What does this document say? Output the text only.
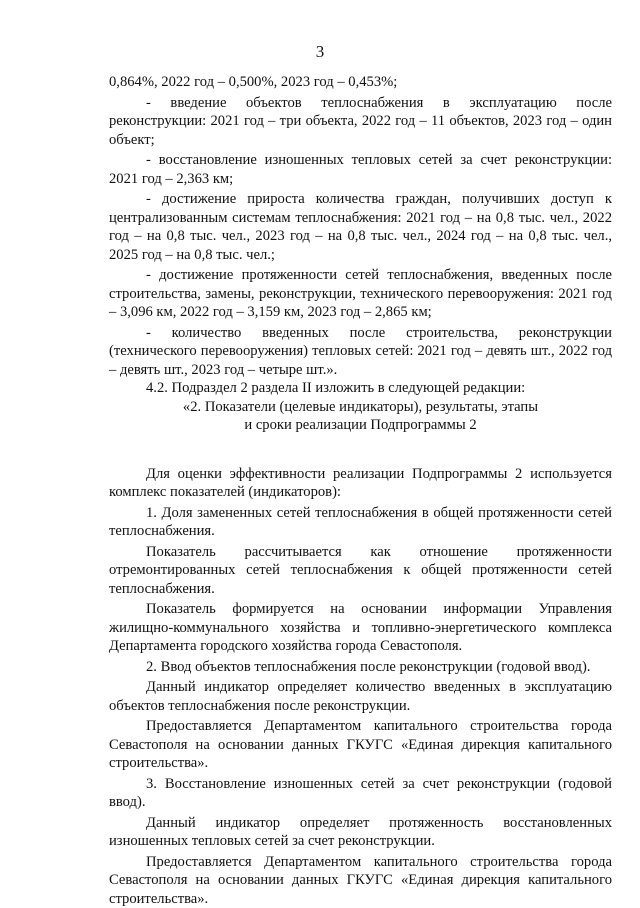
3
0,864%, 2022 год – 0,500%, 2023 год – 0,453%;
- введение объектов теплоснабжения в эксплуатацию после реконструкции: 2021 год – три объекта, 2022 год – 11 объектов, 2023 год – один объект;
- восстановление изношенных тепловых сетей за счет реконструкции: 2021 год – 2,363 км;
- достижение прироста количества граждан, получивших доступ к централизованным системам теплоснабжения: 2021 год – на 0,8 тыс. чел., 2022 год – на 0,8 тыс. чел., 2023 год – на 0,8 тыс. чел., 2024 год – на 0,8 тыс. чел., 2025 год – на 0,8 тыс. чел.;
- достижение протяженности сетей теплоснабжения, введенных после строительства, замены, реконструкции, технического перевооружения: 2021 год – 3,096 км, 2022 год – 3,159 км, 2023 год – 2,865 км;
- количество введенных после строительства, реконструкции (технического перевооружения) тепловых сетей: 2021 год – девять шт., 2022 год – девять шт., 2023 год – четыре шт.».
4.2. Подраздел 2 раздела II изложить в следующей редакции:
«2. Показатели (целевые индикаторы), результаты, этапы
и сроки реализации Подпрограммы 2
Для оценки эффективности реализации Подпрограммы 2 используется комплекс показателей (индикаторов):
1. Доля замененных сетей теплоснабжения в общей протяженности сетей теплоснабжения.
Показатель рассчитывается как отношение протяженности отремонтированных сетей теплоснабжения к общей протяженности сетей теплоснабжения.
Показатель формируется на основании информации Управления жилищно-коммунального хозяйства и топливно-энергетического комплекса Департамента городского хозяйства города Севастополя.
2. Ввод объектов теплоснабжения после реконструкции (годовой ввод).
Данный индикатор определяет количество введенных в эксплуатацию объектов теплоснабжения после реконструкции.
Предоставляется Департаментом капитального строительства города Севастополя на основании данных ГКУГС «Единая дирекция капитального строительства».
3. Восстановление изношенных сетей за счет реконструкции (годовой ввод).
Данный индикатор определяет протяженность восстановленных изношенных тепловых сетей за счет реконструкции.
Предоставляется Департаментом капитального строительства города Севастополя на основании данных ГКУГС «Единая дирекция капитального строительства».
